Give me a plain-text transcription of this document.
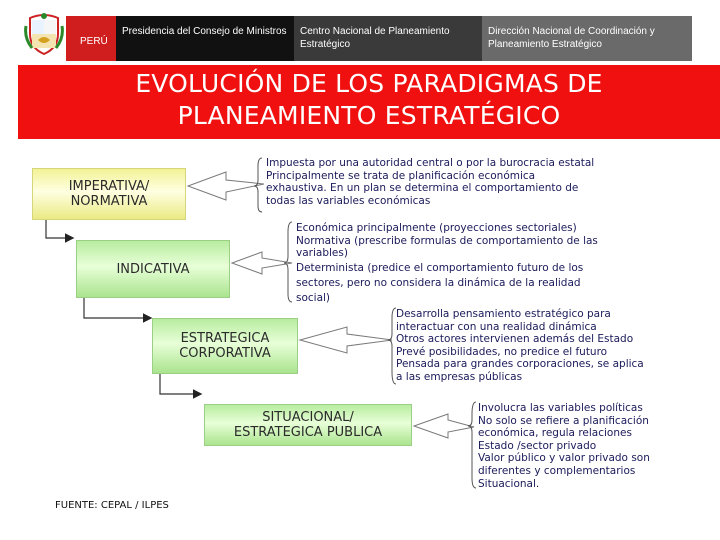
PERÚ
Presidencia del Consejo de Ministros	Centro Nacional de Planeamiento Estratégico
Dirección Nacional de Coordinación y Planeamiento Estratégico
EVOLUCIÓN DE LOS PARADIGMAS DE
PLANEAMIENTO ESTRATÉGICO
IMPERATIVA/
NORMATIVA
INDICATIVA
ESTRATEGICA
CORPORATIVA
SITUACIONAL/
ESTRATEGICA PUBLICA
Impuesta por una autoridad central o por la burocracia estatal
Principalmente se trata de planificación económica
exhaustiva. En un plan se determina el comportamiento de
todas las variables económicas
Económica principalmente (proyecciones sectoriales)
Normativa (prescribe formulas de comportamiento de las
variables)
Determinista (predice el comportamiento futuro de los
sectores, pero no considera la dinámica de la realidad
social)
Desarrolla pensamiento estratégico para
interactuar con una realidad dinámica
Otros actores intervienen además del Estado
Prevé posibilidades, no predice el futuro
Pensada para grandes corporaciones, se aplica
a las empresas públicas
Involucra las variables políticas
No solo se refiere a planificación
económica, regula relaciones
Estado /sector privado
Valor público y valor privado son
diferentes y complementarios
Situacional.
FUENTE: CEPAL / ILPES
